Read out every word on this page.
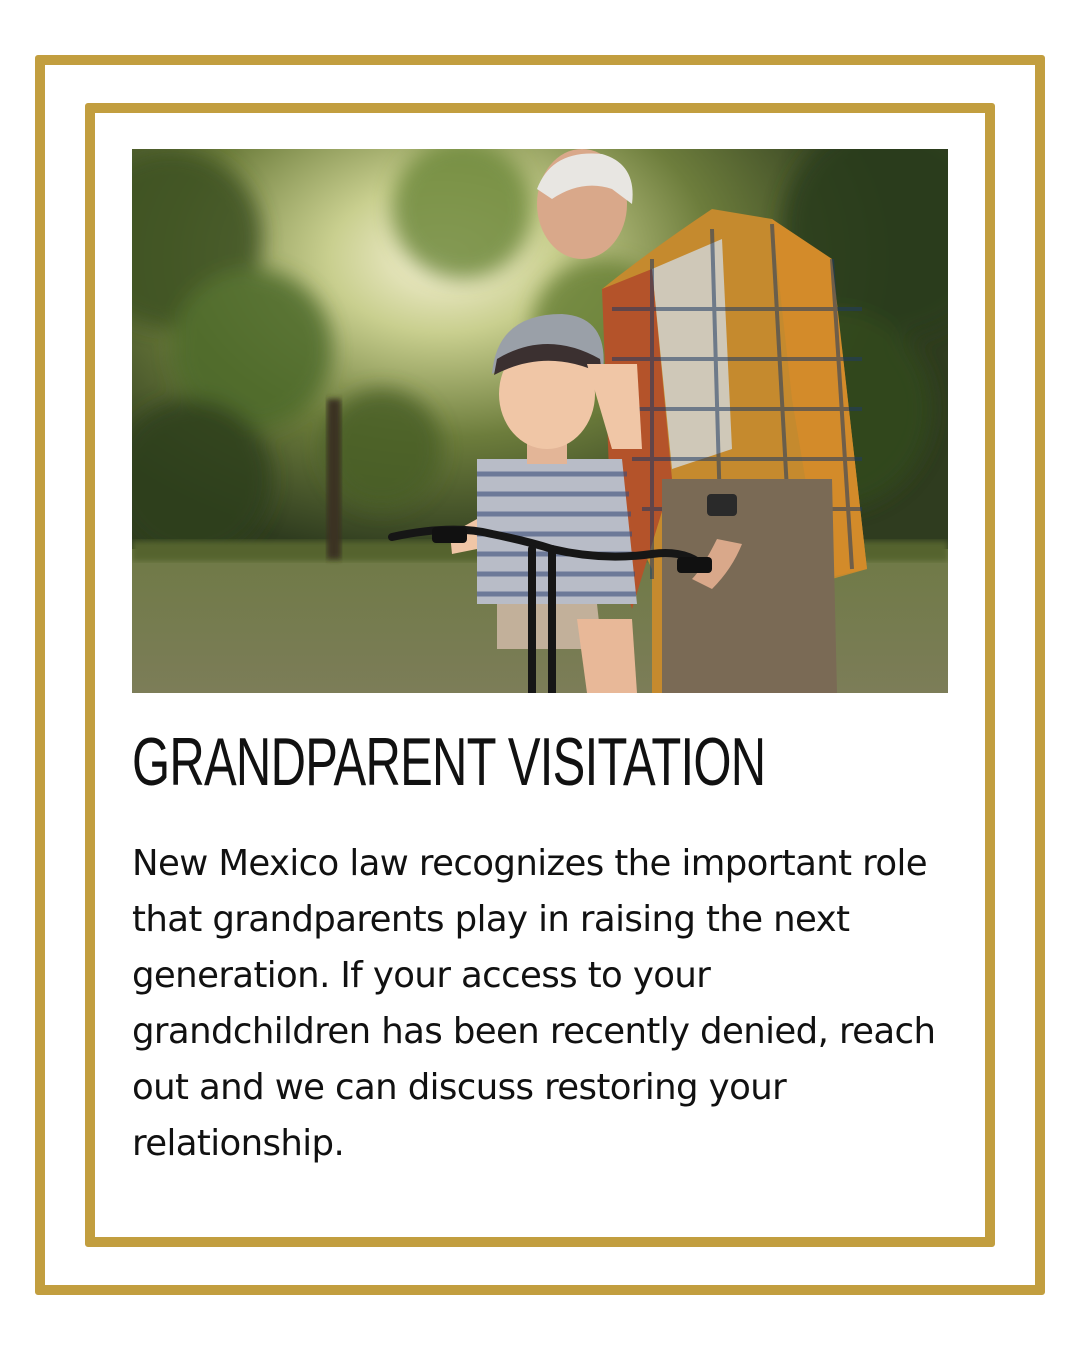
GRANDPARENT VISITATION

New Mexico law recognizes the important role that grandparents play in raising the next generation. If your access to your grandchildren has been recently denied, reach out and we can discuss restoring your relationship.
